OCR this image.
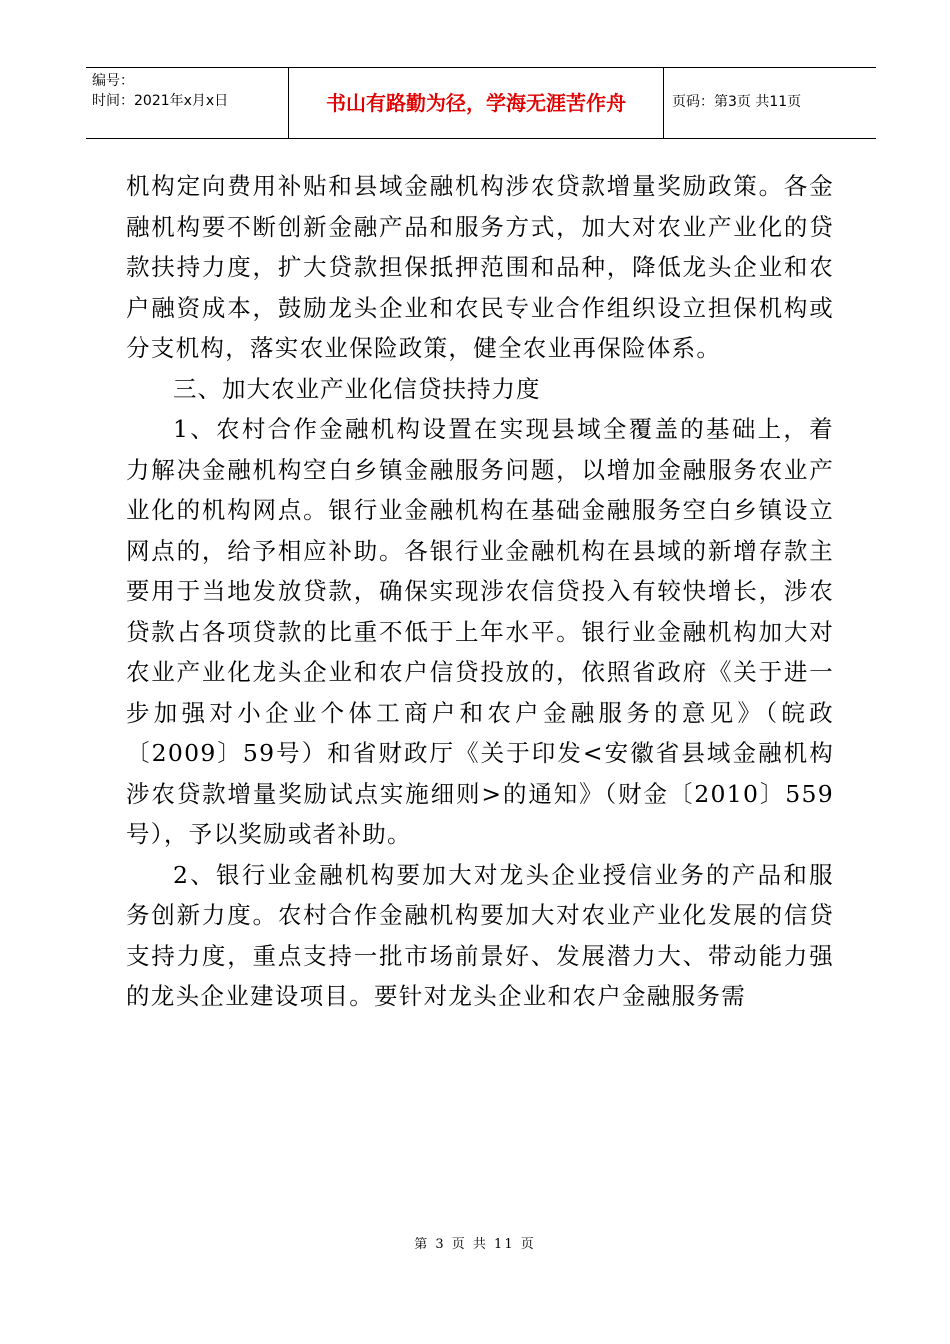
编号：
时间：2021年x月x日	书山有路勤为径，学海无涯苦作舟	页码：第3页 共11页

机构定向费用补贴和县域金融机构涉农贷款增量奖励政策。各金融机构要不断创新金融产品和服务方式，加大对农业产业化的贷款扶持力度，扩大贷款担保抵押范围和品种，降低龙头企业和农户融资成本，鼓励龙头企业和农民专业合作组织设立担保机构或分支机构，落实农业保险政策，健全农业再保险体系。

三、加大农业产业化信贷扶持力度

1、农村合作金融机构设置在实现县域全覆盖的基础上，着力解决金融机构空白乡镇金融服务问题，以增加金融服务农业产业化的机构网点。银行业金融机构在基础金融服务空白乡镇设立网点的，给予相应补助。各银行业金融机构在县域的新增存款主要用于当地发放贷款，确保实现涉农信贷投入有较快增长，涉农贷款占各项贷款的比重不低于上年水平。银行业金融机构加大对农业产业化龙头企业和农户信贷投放的，依照省政府《关于进一步加强对小企业个体工商户和农户金融服务的意见》（皖政〔2009〕59号）和省财政厅《关于印发<安徽省县域金融机构涉农贷款增量奖励试点实施细则>的通知》（财金〔2010〕559号），予以奖励或者补助。

2、银行业金融机构要加大对龙头企业授信业务的产品和服务创新力度。农村合作金融机构要加大对农业产业化发展的信贷支持力度，重点支持一批市场前景好、发展潜力大、带动能力强的龙头企业建设项目。要针对龙头企业和农户金融服务需

第 3 页 共 11 页
